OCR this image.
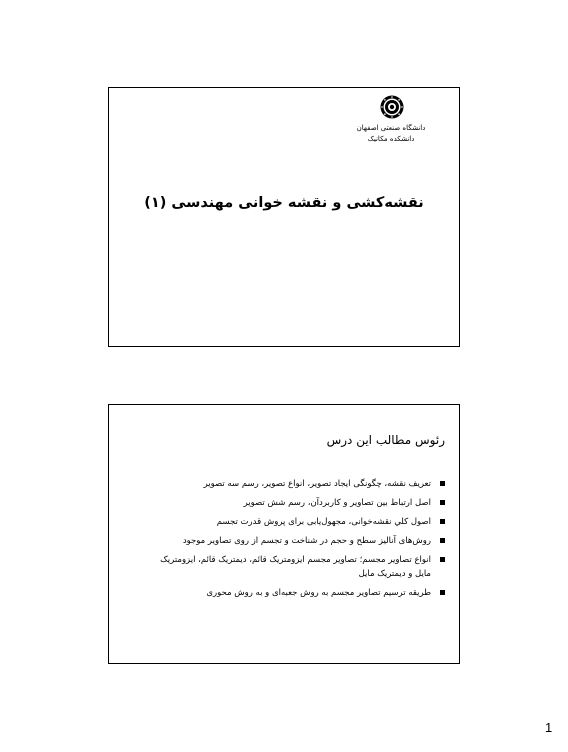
دانشگاه صنعتی اصفهان
دانشکده مکانیک
نقشه‌کشی و نقشه خوانی مهندسی (۱)
رئوس مطالب این درس
تعریف نقشه، چگونگی ایجاد تصویر، انواع تصویر، رسم سه تصویر
اصل ارتباط بین تصاویر و کاربردآن، رسم شش تصویر
اصول کلي نقشه‌خوانی، مجهول‌یابی برای پروش قدرت تجسم
روش‌های آنالیز سطح و حجم در شناخت و تجسم از روی تصاویر موجود
انواع تصاویر مجسم؛ تصاویر مجسم ایزومتریک قائم، دیمتریک قائم، ایزومتریک مایل و دیمتریک مایل
طریقه ترسیم تصاویر مجسم به روش جعبه‌ای و به روش محوری
1
